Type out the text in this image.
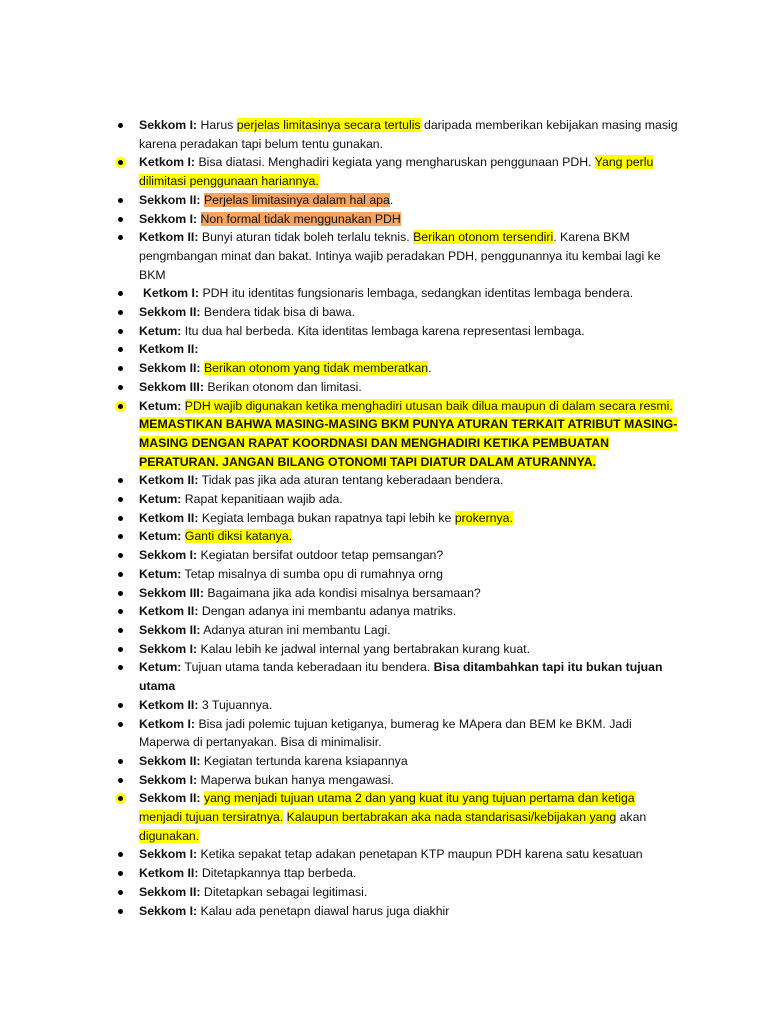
Sekkom I: Harus perjelas limitasinya secara tertulis daripada memberikan kebijakan masing masig karena peradakan tapi belum tentu gunakan.
Ketkom I: Bisa diatasi. Menghadiri kegiata yang mengharuskan penggunaan PDH. Yang perlu dilimitasi penggunaan hariannya.
Sekkom II: Perjelas limitasinya dalam hal apa.
Sekkom I: Non formal tidak menggunakan PDH
Ketkom II: Bunyi aturan tidak boleh terlalu teknis. Berikan otonom tersendiri. Karena BKM pengmbangan minat dan bakat. Intinya wajib peradakan PDH, penggunannya itu kembai lagi ke BKM
Ketkom I: PDH itu identitas fungsionaris lembaga, sedangkan identitas lembaga bendera.
Sekkom II: Bendera tidak bisa di bawa.
Ketum: Itu dua hal berbeda. Kita identitas lembaga karena representasi lembaga.
Ketkom II:
Sekkom II: Berikan otonom yang tidak memberatkan.
Sekkom III: Berikan otonom dan limitasi.
Ketum: PDH wajib digunakan ketika menghadiri utusan baik dilua maupun di dalam secara resmi. MEMASTIKAN BAHWA MASING-MASING BKM PUNYA ATURAN TERKAIT ATRIBUT MASING-MASING DENGAN RAPAT KOORDNASI DAN MENGHADIRI KETIKA PEMBUATAN PERATURAN. JANGAN BILANG OTONOMI TAPI DIATUR DALAM ATURANNYA.
Ketkom II: Tidak pas jika ada aturan tentang keberadaan bendera.
Ketum: Rapat kepanitiaan wajib ada.
Ketkom II: Kegiata lembaga bukan rapatnya tapi lebih ke prokernya.
Ketum: Ganti diksi katanya.
Sekkom I: Kegiatan bersifat outdoor tetap pemsangan?
Ketum: Tetap misalnya di sumba opu di rumahnya orng
Sekkom III: Bagaimana jika ada kondisi misalnya bersamaan?
Ketkom II: Dengan adanya ini membantu adanya matriks.
Sekkom II: Adanya aturan ini membantu Lagi.
Sekkom I: Kalau lebih ke jadwal internal yang bertabrakan kurang kuat.
Ketum: Tujuan utama tanda keberadaan itu bendera. Bisa ditambahkan tapi itu bukan tujuan utama
Ketkom II: 3 Tujuannya.
Ketkom I: Bisa jadi polemic tujuan ketiganya, bumerag ke MApera dan BEM ke BKM. Jadi Maperwa di pertanyakan. Bisa di minimalisir.
Sekkom II: Kegiatan tertunda karena ksiapannya
Sekkom I: Maperwa bukan hanya mengawasi.
Sekkom II: yang menjadi tujuan utama 2 dan yang kuat itu yang tujuan pertama dan ketiga menjadi tujuan tersiratnya. Kalaupun bertabrakan aka nada standarisasi/kebijakan yang akan digunakan.
Sekkom I: Ketika sepakat tetap adakan penetapan KTP maupun PDH karena satu kesatuan
Ketkom II: Ditetapkannya ttap berbeda.
Sekkom II: Ditetapkan sebagai legitimasi.
Sekkom I: Kalau ada penetapn diawal harus juga diakhir
